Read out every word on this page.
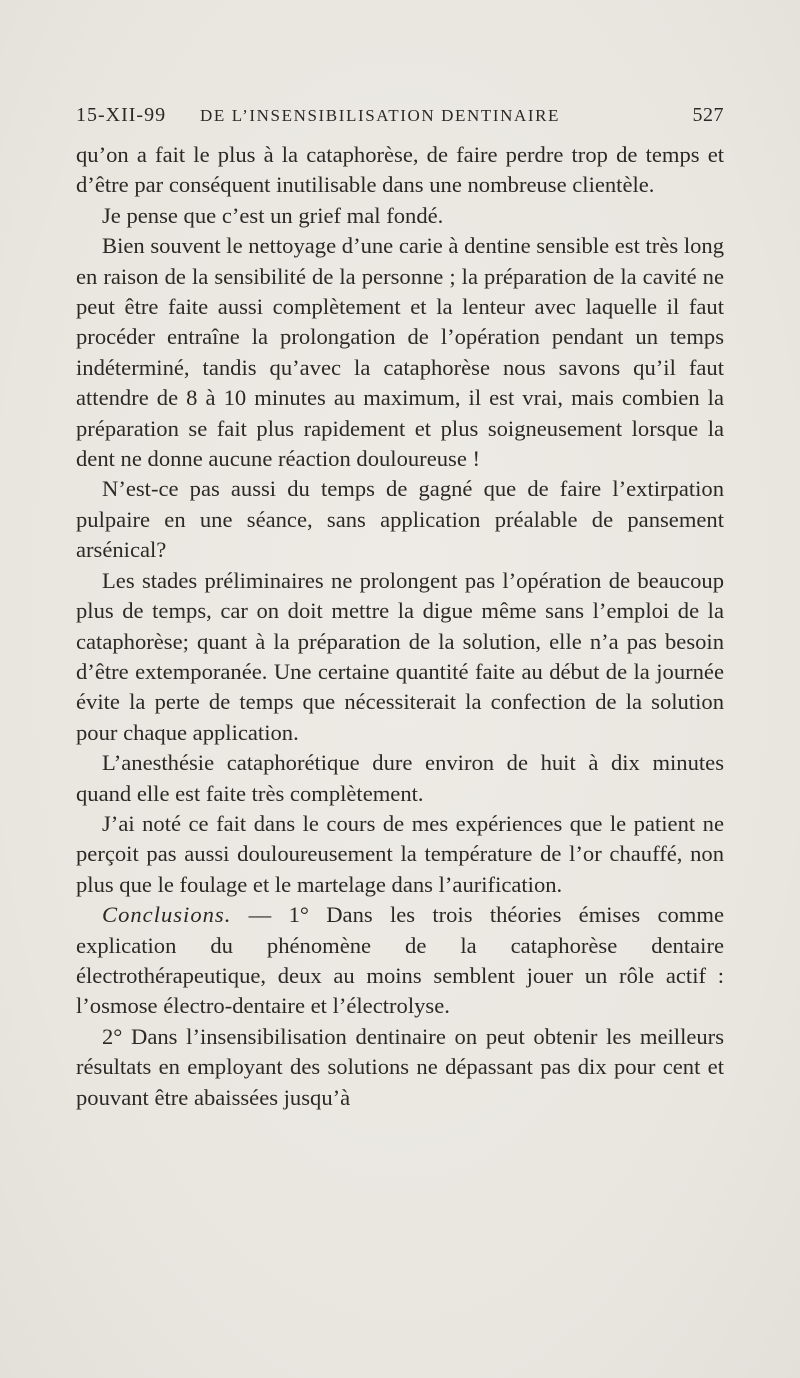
15-XII-99 DE L’INSENSIBILISATION DENTINAIRE	527

qu’on a fait le plus à la cataphorèse, de faire perdre trop de temps et d’être par conséquent inutilisable dans une nombreuse clientèle.

Je pense que c’est un grief mal fondé.

Bien souvent le nettoyage d’une carie à dentine sensible est très long en raison de la sensibilité de la personne ; la préparation de la cavité ne peut être faite aussi complètement et la lenteur avec laquelle il faut procéder entraîne la prolongation de l’opération pendant un temps indéterminé, tandis qu’avec la cataphorèse nous savons qu’il faut attendre de 8 à 10 minutes au maximum, il est vrai, mais combien la préparation se fait plus rapidement et plus soigneusement lorsque la dent ne donne aucune réaction douloureuse !

N’est-ce pas aussi du temps de gagné que de faire l’extirpation pulpaire en une séance, sans application préalable de pansement arsénical?

Les stades préliminaires ne prolongent pas l’opération de beaucoup plus de temps, car on doit mettre la digue même sans l’emploi de la cataphorèse; quant à la préparation de la solution, elle n’a pas besoin d’être extemporanée. Une certaine quantité faite au début de la journée évite la perte de temps que nécessiterait la confection de la solution pour chaque application.

L’anesthésie cataphorétique dure environ de huit à dix minutes quand elle est faite très complètement.

J’ai noté ce fait dans le cours de mes expériences que le patient ne perçoit pas aussi douloureusement la température de l’or chauffé, non plus que le foulage et le martelage dans l’aurification.

Conclusions. — 1° Dans les trois théories émises comme explication du phénomène de la cataphorèse dentaire électrothérapeutique, deux au moins semblent jouer un rôle actif : l’osmose électro-dentaire et l’électrolyse.

2° Dans l’insensibilisation dentinaire on peut obtenir les meilleurs résultats en employant des solutions ne dépassant pas dix pour cent et pouvant être abaissées jusqu’à
